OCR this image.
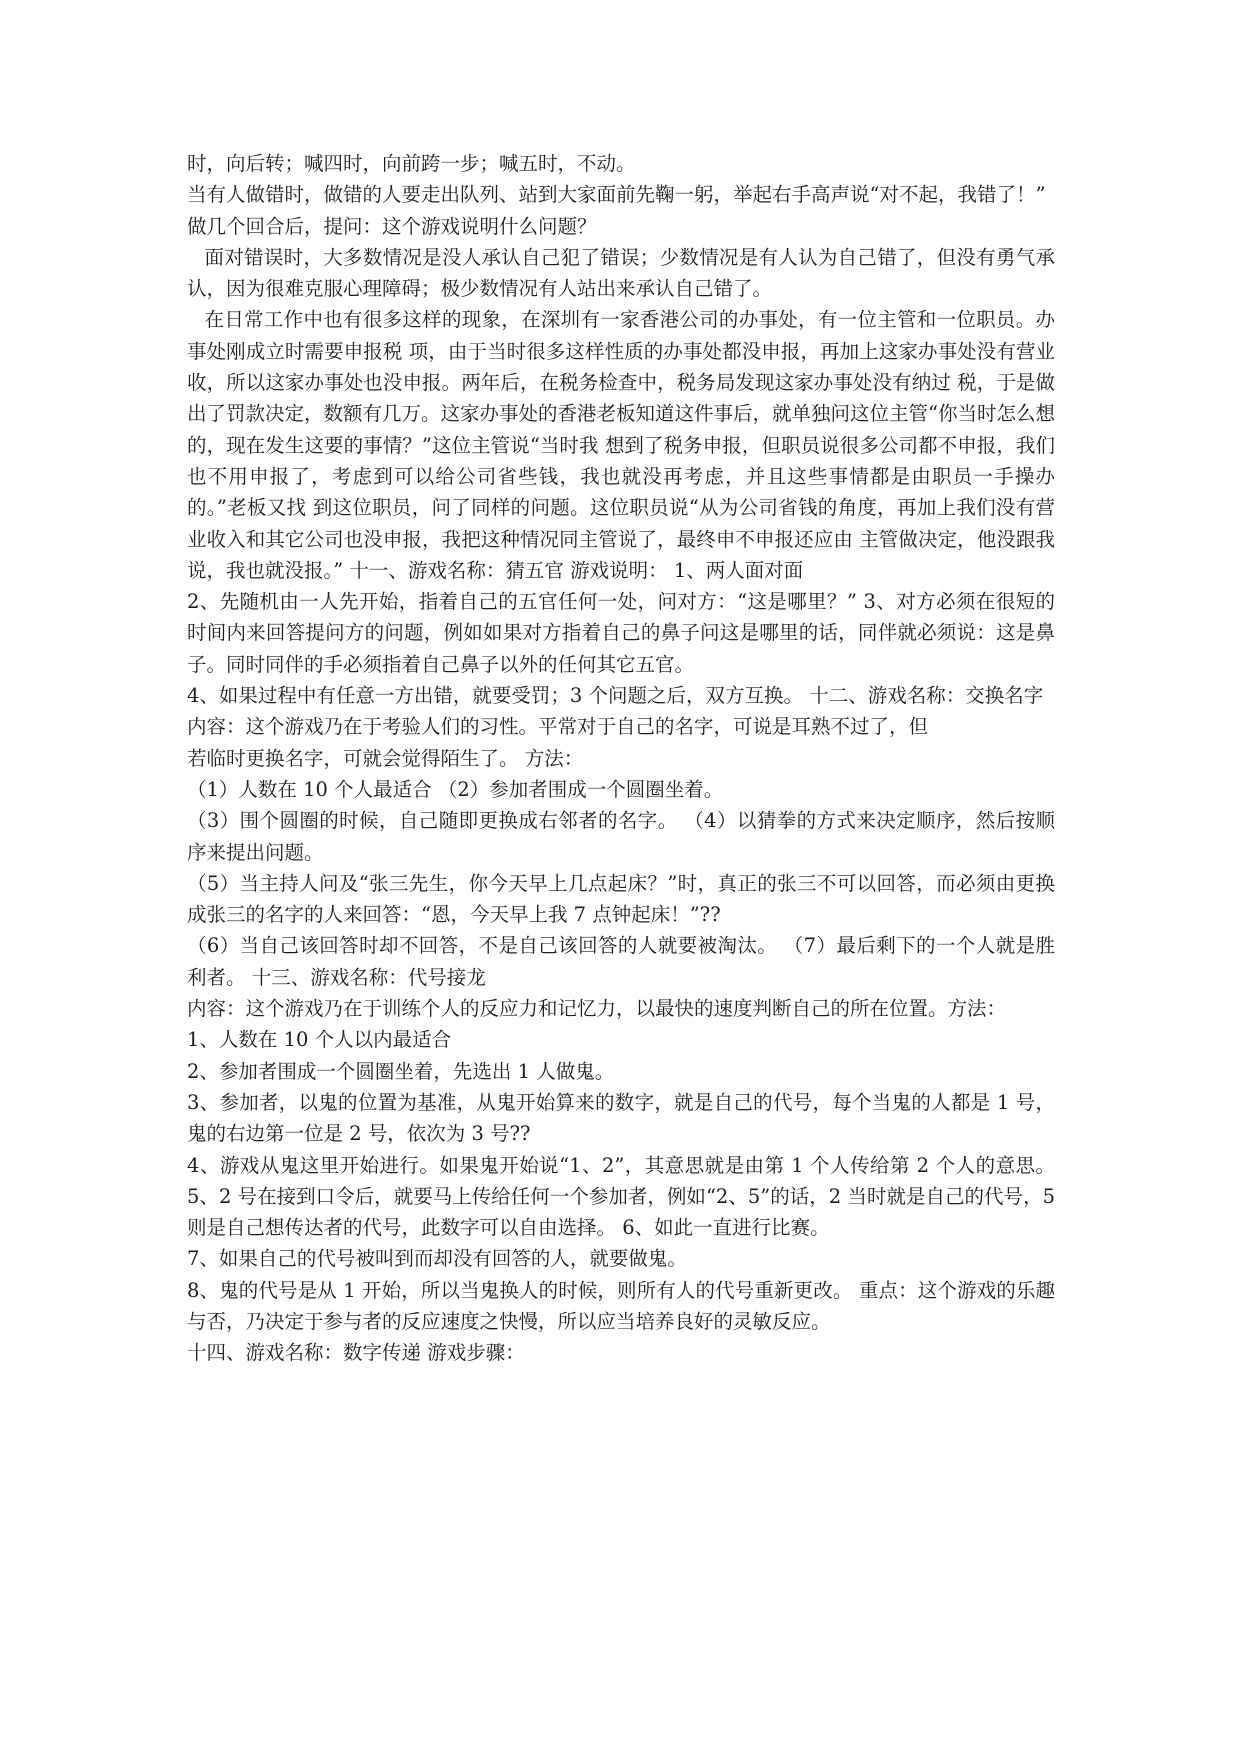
时，向后转；喊四时，向前跨一步；喊五时，不动。

当有人做错时，做错的人要走出队列、站到大家面前先鞠一躬，举起右手高声说“对不起，我错了！”

做几个回合后，提问：这个游戏说明什么问题？

面对错误时，大多数情况是没人承认自己犯了错误；少数情况是有人认为自己错了，但没有勇气承认，因为很难克服心理障碍；极少数情况有人站出来承认自己错了。

在日常工作中也有很多这样的现象，在深圳有一家香港公司的办事处，有一位主管和一位职员。办事处刚成立时需要申报税 项，由于当时很多这样性质的办事处都没申报，再加上这家办事处没有营业收，所以这家办事处也没申报。两年后，在税务检查中，税务局发现这家办事处没有纳过 税，于是做出了罚款决定，数额有几万。这家办事处的香港老板知道这件事后，就单独问这位主管“你当时怎么想的，现在发生这要的事情？”这位主管说“当时我 想到了税务申报，但职员说很多公司都不申报，我们也不用申报了，考虑到可以给公司省些钱，我也就没再考虑，并且这些事情都是由职员一手操办的。”老板又找 到这位职员，问了同样的问题。这位职员说“从为公司省钱的角度，再加上我们没有营业收入和其它公司也没申报，我把这种情况同主管说了，最终申不申报还应由 主管做决定，他没跟我说，我也就没报。” 十一、游戏名称：猜五官 游戏说明： 1、两人面对面

2、先随机由一人先开始，指着自己的五官任何一处，问对方：“这是哪里？” 3、对方必须在很短的时间内来回答提问方的问题，例如如果对方指着自己的鼻子问这是哪里的话，同伴就必须说：这是鼻子。同时同伴的手必须指着自己鼻子以外的任何其它五官。

4、如果过程中有任意一方出错，就要受罚；3 个问题之后，双方互换。 十二、游戏名称：交换名字

内容：这个游戏乃在于考验人们的习性。平常对于自己的名字，可说是耳熟不过了，但

若临时更换名字，可就会觉得陌生了。 方法：

（1）人数在 10 个人最适合 （2）参加者围成一个圆圈坐着。

（3）围个圆圈的时候，自己随即更换成右邻者的名字。 （4）以猜拳的方式来决定顺序，然后按顺序来提出问题。

（5）当主持人问及“张三先生，你今天早上几点起床？”时，真正的张三不可以回答，而必须由更换成张三的名字的人来回答：“恩，今天早上我 7 点钟起床！”??

（6）当自己该回答时却不回答，不是自己该回答的人就要被淘汰。 （7）最后剩下的一个人就是胜利者。 十三、游戏名称：代号接龙

内容：这个游戏乃在于训练个人的反应力和记忆力，以最快的速度判断自己的所在位置。方法：

1、人数在 10 个人以内最适合

2、参加者围成一个圆圈坐着，先选出 1 人做鬼。

3、参加者，以鬼的位置为基准，从鬼开始算来的数字，就是自己的代号，每个当鬼的人都是 1 号，鬼的右边第一位是 2 号，依次为 3 号??

4、游戏从鬼这里开始进行。如果鬼开始说“1、2”，其意思就是由第 1 个人传给第 2 个人的意思。 5、2 号在接到口令后，就要马上传给任何一个参加者，例如“2、5”的话，2 当时就是自己的代号，5 则是自己想传达者的代号，此数字可以自由选择。 6、如此一直进行比赛。

7、如果自己的代号被叫到而却没有回答的人，就要做鬼。

8、鬼的代号是从 1 开始，所以当鬼换人的时候，则所有人的代号重新更改。 重点：这个游戏的乐趣与否，乃决定于参与者的反应速度之快慢，所以应当培养良好的灵敏反应。

十四、游戏名称：数字传递 游戏步骤：
